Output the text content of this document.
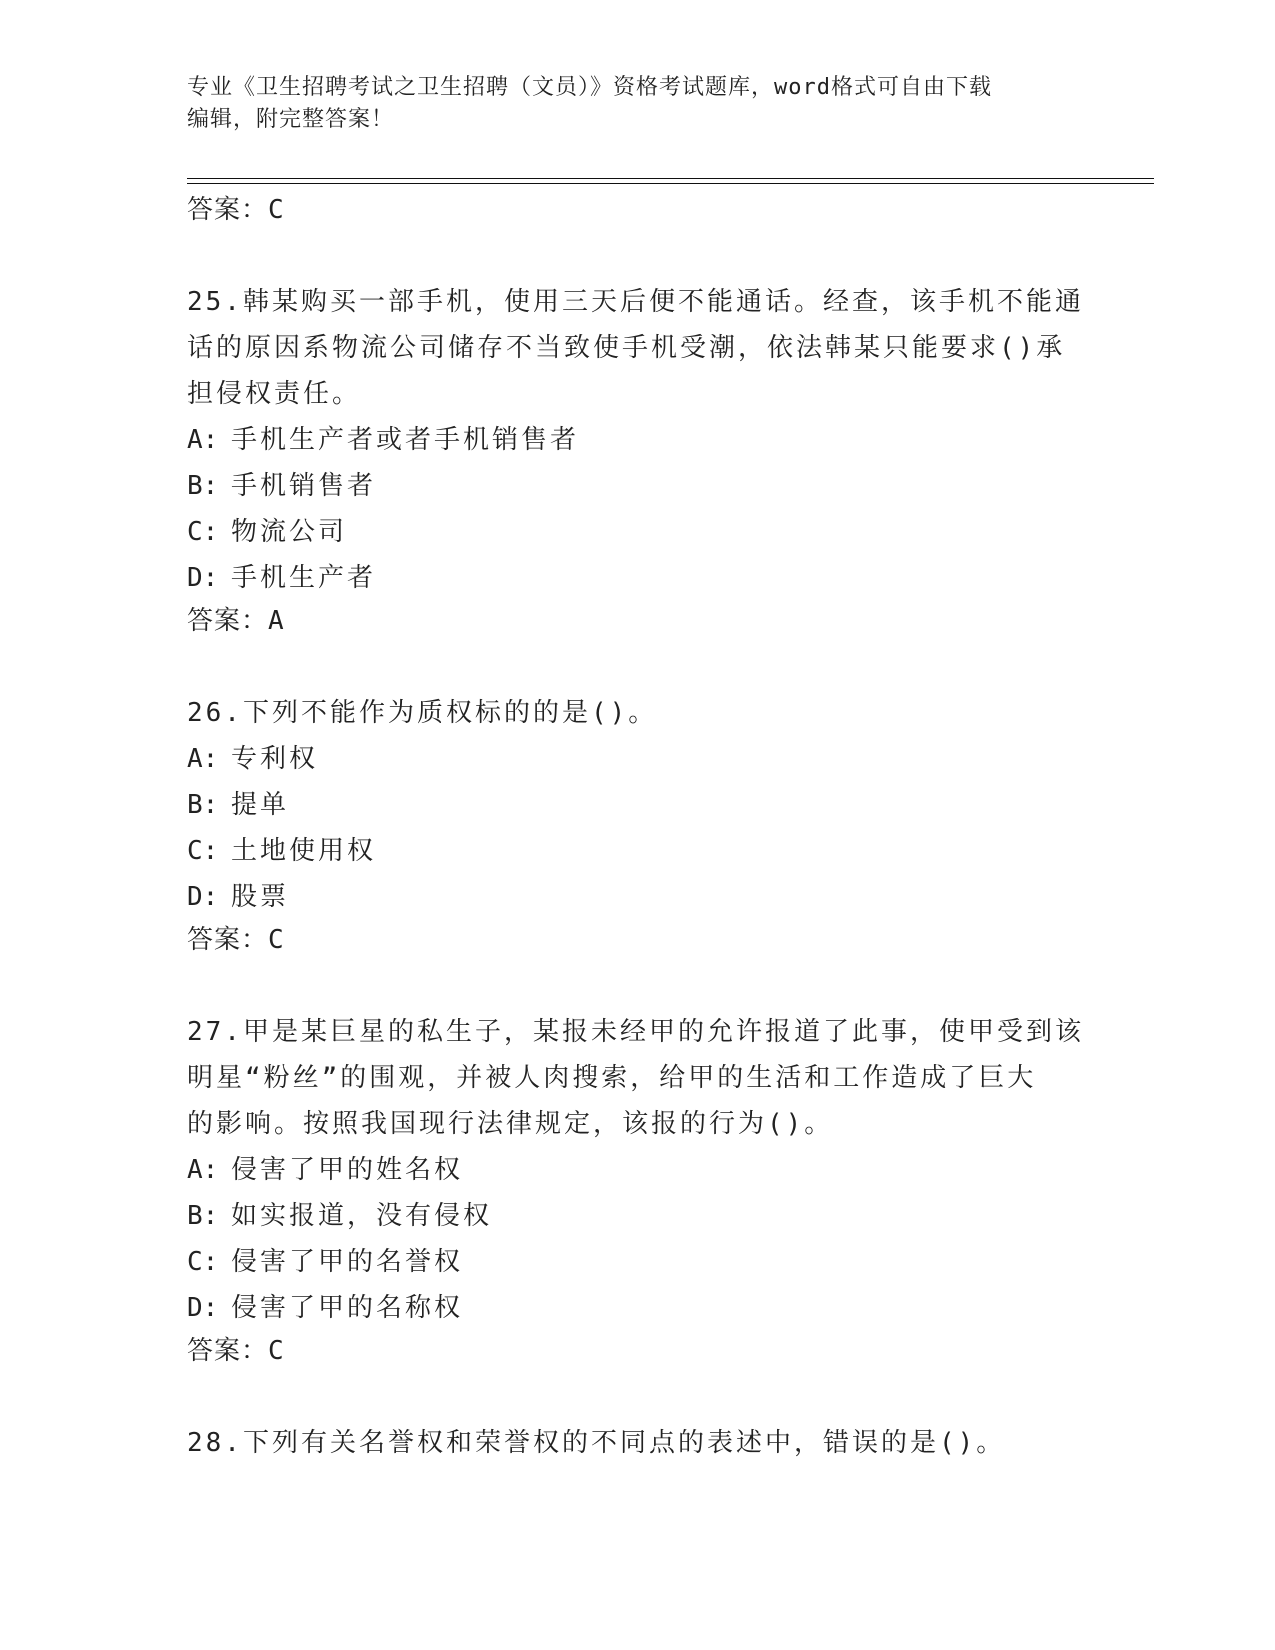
专业《卫生招聘考试之卫生招聘（文员）》资格考试题库，word格式可自由下载
编辑，附完整答案！

答案：C

25.韩某购买一部手机，使用三天后便不能通话。经查，该手机不能通

话的原因系物流公司储存不当致使手机受潮，依法韩某只能要求()承

担侵权责任。

A: 手机生产者或者手机销售者

B: 手机销售者

C: 物流公司

D: 手机生产者

答案：A

26.下列不能作为质权标的的是()。

A: 专利权

B: 提单

C: 土地使用权

D: 股票

答案：C

27.甲是某巨星的私生子，某报未经甲的允许报道了此事，使甲受到该

明星“粉丝”的围观，并被人肉搜索，给甲的生活和工作造成了巨大

的影响。按照我国现行法律规定，该报的行为()。

A: 侵害了甲的姓名权

B: 如实报道，没有侵权

C: 侵害了甲的名誉权

D: 侵害了甲的名称权

答案：C

28.下列有关名誉权和荣誉权的不同点的表述中，错误的是()。
